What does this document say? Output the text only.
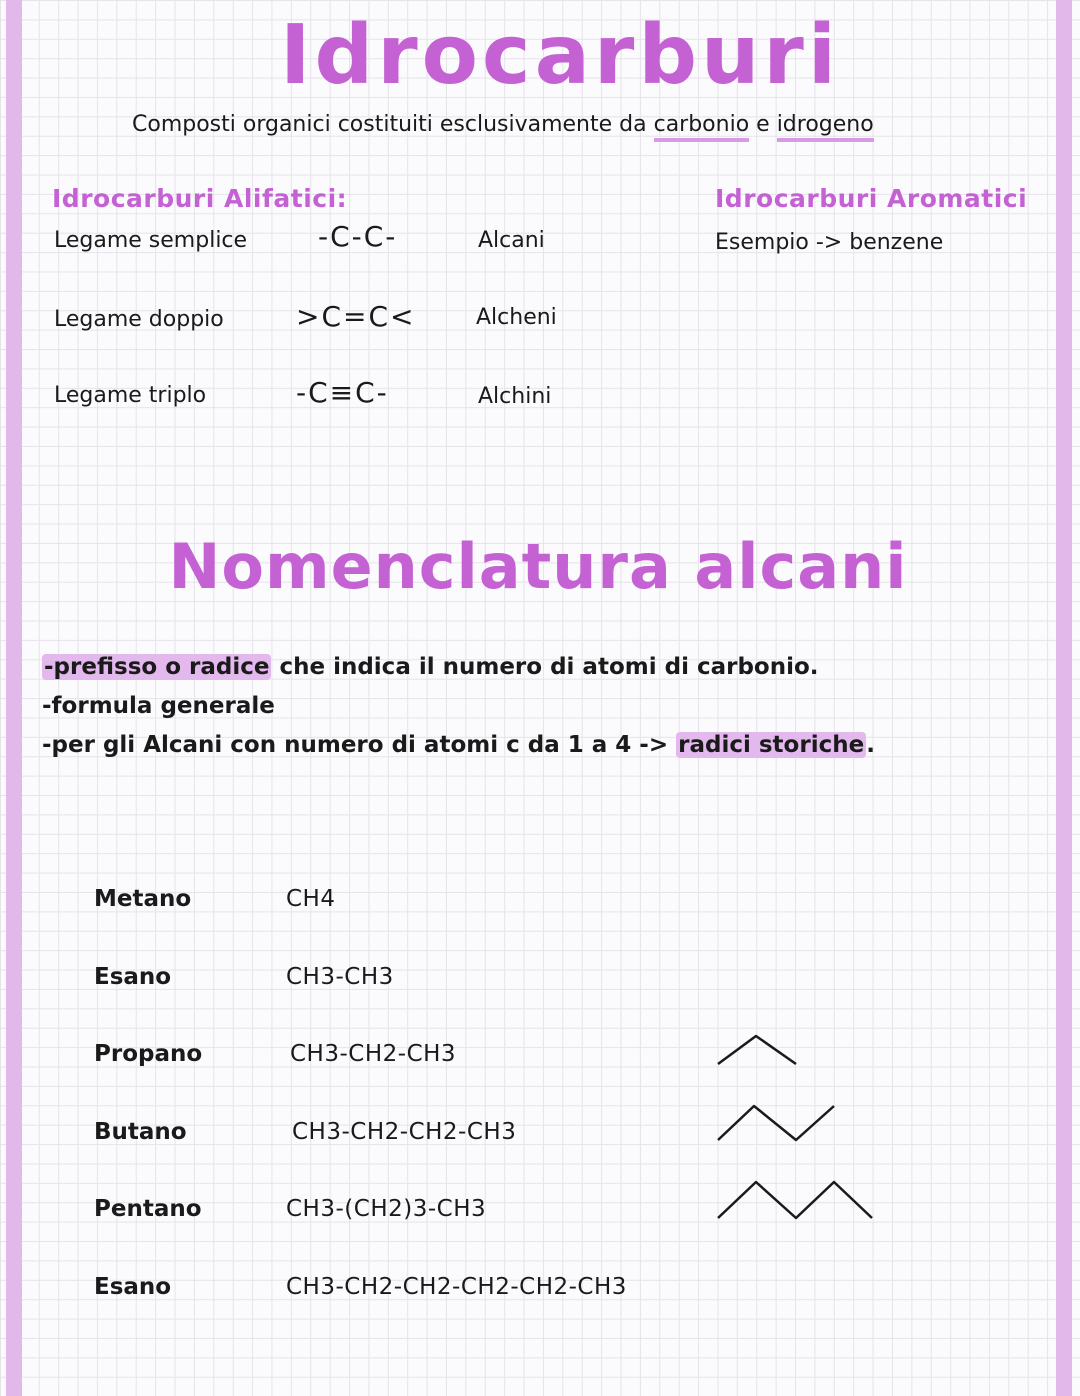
Idrocarburi
Composti organici costituiti esclusivamente da carbonio e idrogeno
Idrocarburi Alifatici:
Legame semplice	-C-C-	Alcani
Legame doppio	>C=C<	Alcheni
Legame triplo	-C≡C-	Alchini
Idrocarburi Aromatici
Esempio -> benzene
Nomenclatura alcani
-prefisso o radice che indica il numero di atomi di carbonio.
-formula generale
-per gli Alcani con numero di atomi c da 1 a 4 -> radici storiche.
Metano	CH4
Esano	CH3-CH3
Propano	CH3-CH2-CH3
Butano	CH3-CH2-CH2-CH3
Pentano	CH3-(CH2)3-CH3
Esano	CH3-CH2-CH2-CH2-CH2-CH3
